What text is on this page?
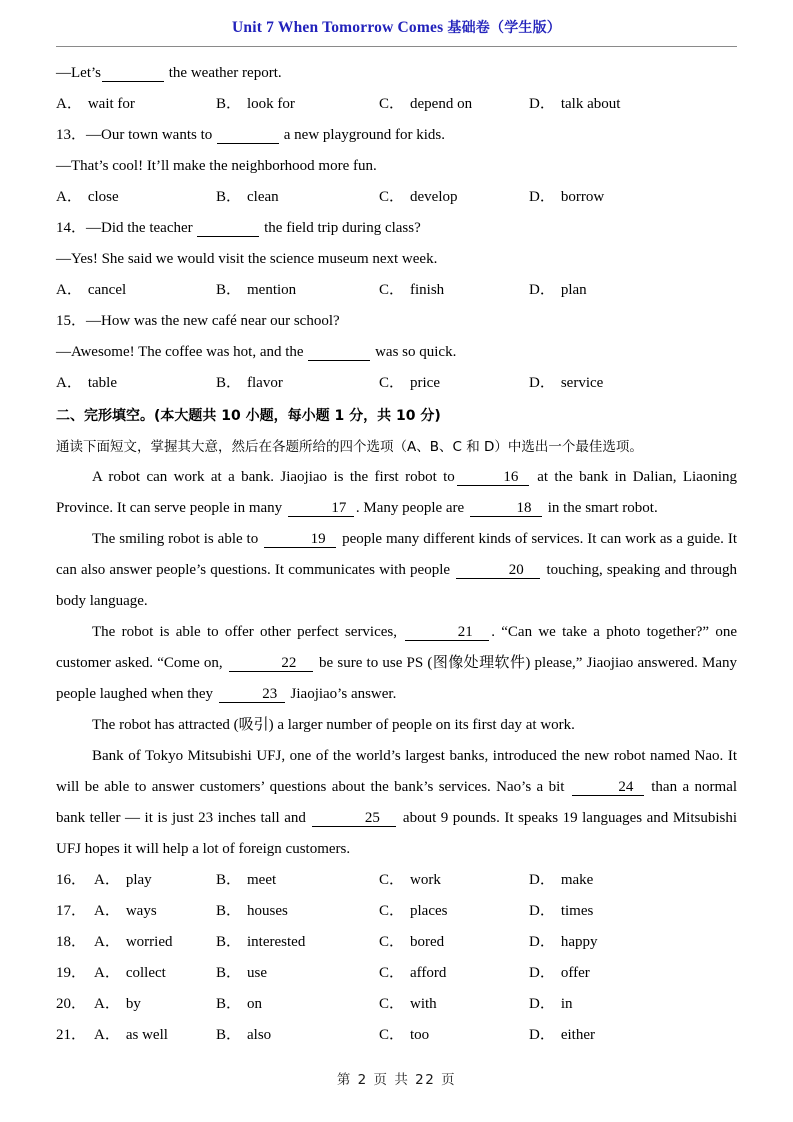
Unit 7 When Tomorrow Comes 基础卷（学生版）

—Let’s	the weather report.

A． wait for	B． look for	C． depend on	D． talk about

13．—Our town wants to	a new playground for kids.

—That’s cool! It’ll make the neighborhood more fun.

A． close	B． clean	C． develop	D． borrow

14．—Did the teacher	the field trip during class?

—Yes! She said we would visit the science museum next week.

A． cancel	B． mention	C． finish	D． plan

15．—How was the new café near our school?

—Awesome! The coffee was hot, and the	was so quick.

A． table	B． flavor	C． price	D． service

二、完形填空。(本大题共 10 小题，每小题 1 分，共 10 分)

通读下面短文，掌握其大意，然后在各题所给的四个选项（A、B、C 和 D）中选出一个最佳选项。

A robot can work at a bank. Jiaojiao is the first robot to	16 at the bank in Dalian, Liaoning Province. It can serve people in many	17 . Many people are	18 in the smart robot.

The smiling robot is able to	19 people many different kinds of services. It can work as a guide. It can also answer people’s questions. It communicates with people	20 touching, speaking and through body language.

The robot is able to offer other perfect services,	21 . “Can we take a photo together?” one customer asked. “Come on,	22 be sure to use PS (图像处理软件) please,” Jiaojiao answered. Many people laughed when they	23 Jiaojiao’s answer.

The robot has attracted (吸引) a larger number of people on its first day at work.

Bank of Tokyo Mitsubishi UFJ, one of the world’s largest banks, introduced the new robot named Nao. It will be able to answer customers’ questions about the bank’s services. Nao’s a bit	24 than a normal bank teller — it is just 23 inches tall and	25 about 9 pounds. It speaks 19 languages and Mitsubishi UFJ hopes it will help a lot of foreign customers.

16． A． play	B． meet	C． work	D． make
17． A． ways	B． houses	C． places	D． times
18． A． worried	B． interested	C． bored	D． happy
19． A． collect	B． use	C． afford	D． offer
20． A． by	B． on	C． with	D． in
21． A． as well	B． also	C． too	D． either
第 2 页 共 22 页
